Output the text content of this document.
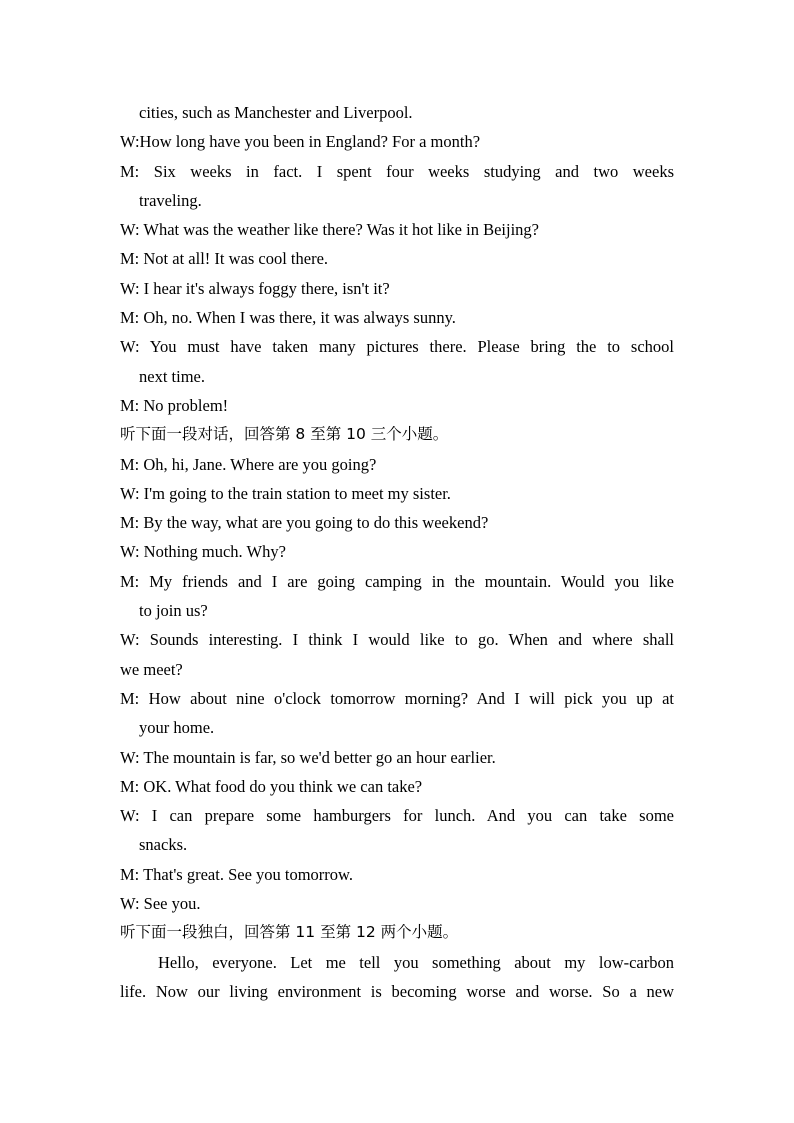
cities, such as Manchester and Liverpool.
W:How long have you been in England? For a month?
M: Six weeks in fact. I spent four weeks studying and two weeks
traveling.
W: What was the weather like there? Was it hot like in Beijing?
M: Not at all! It was cool there.
W: I hear it's always foggy there, isn't it?
M: Oh, no. When I was there, it was always sunny.
W: You must have taken many pictures there. Please bring the to school
next time.
M: No problem!
听下面一段对话，回答第 8 至第 10 三个小题。
M: Oh, hi, Jane. Where are you going?
W: I'm going to the train station to meet my sister.
M: By the way, what are you going to do this weekend?
W: Nothing much. Why?
M: My friends and I are going camping in the mountain. Would you like
to join us?
W: Sounds interesting. I think I would like to go. When and where shall
we meet?
M: How about nine o'clock tomorrow morning? And I will pick you up at
your home.
W: The mountain is far, so we'd better go an hour earlier.
M: OK. What food do you think we can take?
W: I can prepare some hamburgers for lunch. And you can take some
snacks.
M: That's great. See you tomorrow.
W: See you.
听下面一段独白，回答第 11 至第 12 两个小题。
Hello, everyone. Let me tell you something about my low-carbon
life. Now our living environment is becoming worse and worse. So a new
